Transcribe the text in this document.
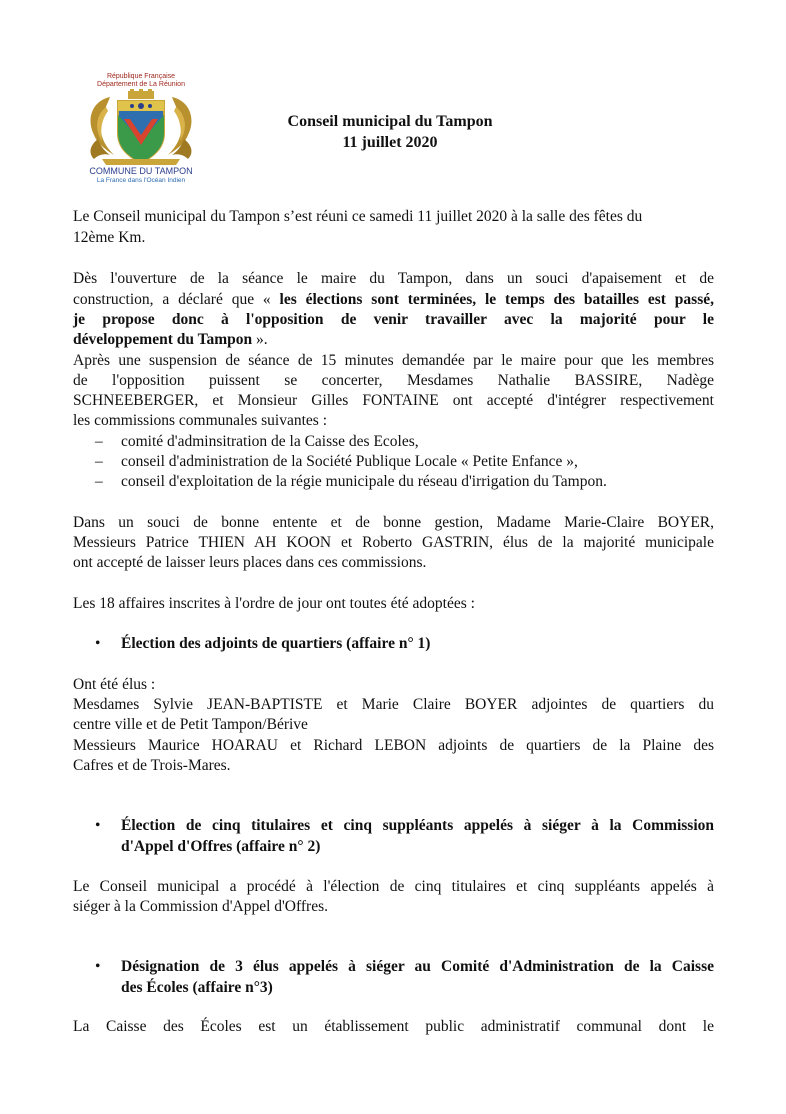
République Française
Département de La Réunion
COMMUNE DU TAMPON
La France dans l'Océan Indien
Conseil municipal du Tampon
11 juillet 2020
Le Conseil municipal du Tampon s’est réuni ce samedi 11 juillet 2020 à la salle des fêtes du
12ème Km.
Dès l'ouverture de la séance le maire du Tampon, dans un souci d'apaisement et de
construction, a déclaré que « les élections sont terminées, le temps des batailles est passé,
je propose donc à l'opposition de venir travailler avec la majorité pour le
développement du Tampon ».
Après une suspension de séance de 15 minutes demandée par le maire pour que les membres
de l'opposition puissent se concerter, Mesdames Nathalie BASSIRE, Nadège
SCHNEEBERGER, et Monsieur Gilles FONTAINE ont accepté d'intégrer respectivement
les commissions communales suivantes :
– comité d'adminsitration de la Caisse des Ecoles,
– conseil d'administration de la Société Publique Locale « Petite Enfance »,
– conseil d'exploitation de la régie municipale du réseau d'irrigation du Tampon.
Dans un souci de bonne entente et de bonne gestion, Madame Marie-Claire BOYER,
Messieurs Patrice THIEN AH KOON et Roberto GASTRIN, élus de la majorité municipale
ont accepté de laisser leurs places dans ces commissions.
Les 18 affaires inscrites à l'ordre de jour ont toutes été adoptées :
• Élection des adjoints de quartiers (affaire n° 1)
Ont été élus :
Mesdames Sylvie JEAN-BAPTISTE et Marie Claire BOYER adjointes de quartiers du
centre ville et de Petit Tampon/Bérive
Messieurs Maurice HOARAU et Richard LEBON adjoints de quartiers de la Plaine des
Cafres et de Trois-Mares.
• Élection de cinq titulaires et cinq suppléants appelés à siéger à la Commission
d'Appel d'Offres (affaire n° 2)
Le Conseil municipal a procédé à l'élection de cinq titulaires et cinq suppléants appelés à
siéger à la Commission d'Appel d'Offres.
• Désignation de 3 élus appelés à siéger au Comité d'Administration de la Caisse
des Écoles (affaire n°3)
La Caisse des Écoles est un établissement public administratif communal dont le
